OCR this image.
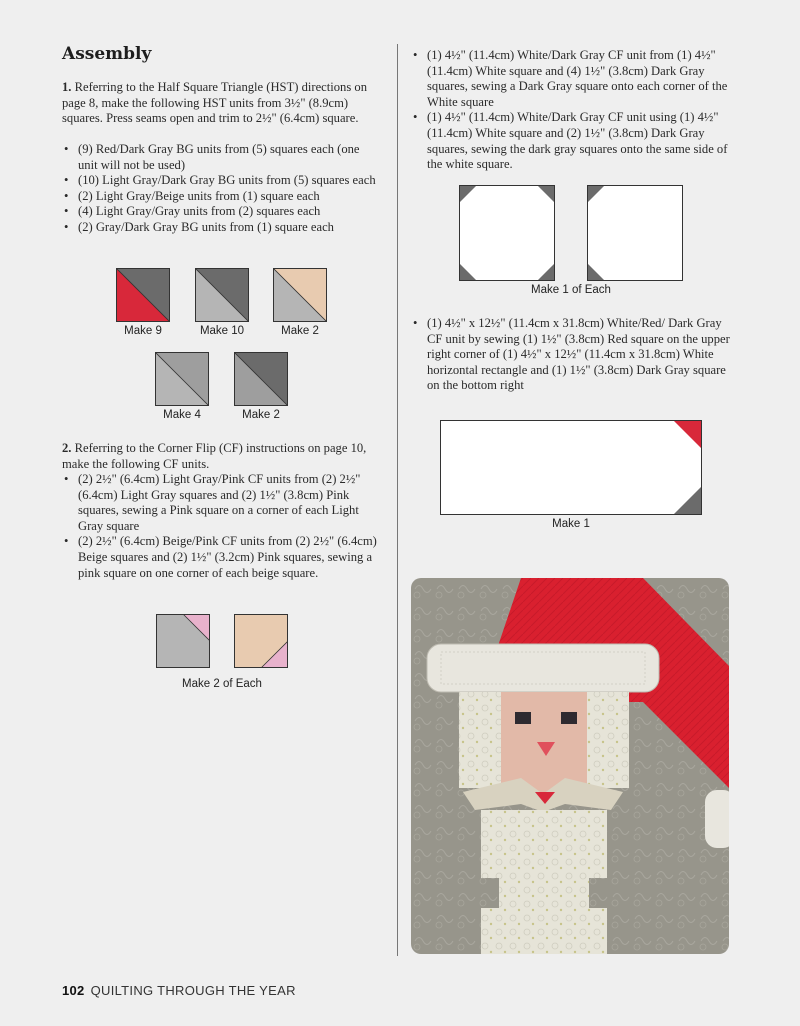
Assembly
1. Referring to the Half Square Triangle (HST) directions on page 8, make the following HST units from 3½" (8.9cm) squares. Press seams open and trim to 2½" (6.4cm) square.
• (9) Red/Dark Gray BG units from (5) squares each (one unit will not be used)
• (10) Light Gray/Dark Gray BG units from (5) squares each
• (2) Light Gray/Beige units from (1) square each
• (4) Light Gray/Gray units from (2) squares each
• (2) Gray/Dark Gray BG units from (1) square each
Make 9	Make 10	Make 2
Make 4	Make 2
2. Referring to the Corner Flip (CF) instructions on page 10, make the following CF units.
• (2) 2½" (6.4cm) Light Gray/Pink CF units from (2) 2½" (6.4cm) Light Gray squares and (2) 1½" (3.8cm) Pink squares, sewing a Pink square on a corner of each Light Gray square
• (2) 2½" (6.4cm) Beige/Pink CF units from (2) 2½" (6.4cm) Beige squares and (2) 1½" (3.2cm) Pink squares, sewing a pink square on one corner of each beige square.
Make 2 of Each
• (1) 4½" (11.4cm) White/Dark Gray CF unit from (1) 4½" (11.4cm) White square and (4) 1½" (3.8cm) Dark Gray squares, sewing a Dark Gray square onto each corner of the White square
• (1) 4½" (11.4cm) White/Dark Gray CF unit using (1) 4½" (11.4cm) White square and (2) 1½" (3.8cm) Dark Gray squares, sewing the dark gray squares onto the same side of the white square.
Make 1 of Each
• (1) 4½" x 12½" (11.4cm x 31.8cm) White/Red/ Dark Gray CF unit by sewing (1) 1½" (3.8cm) Red square on the upper right corner of (1) 4½" x 12½" (11.4cm x 31.8cm) White horizontal rectangle and (1) 1½" (3.8cm) Dark Gray square on the bottom right
Make 1
102 QUILTING THROUGH THE YEAR
